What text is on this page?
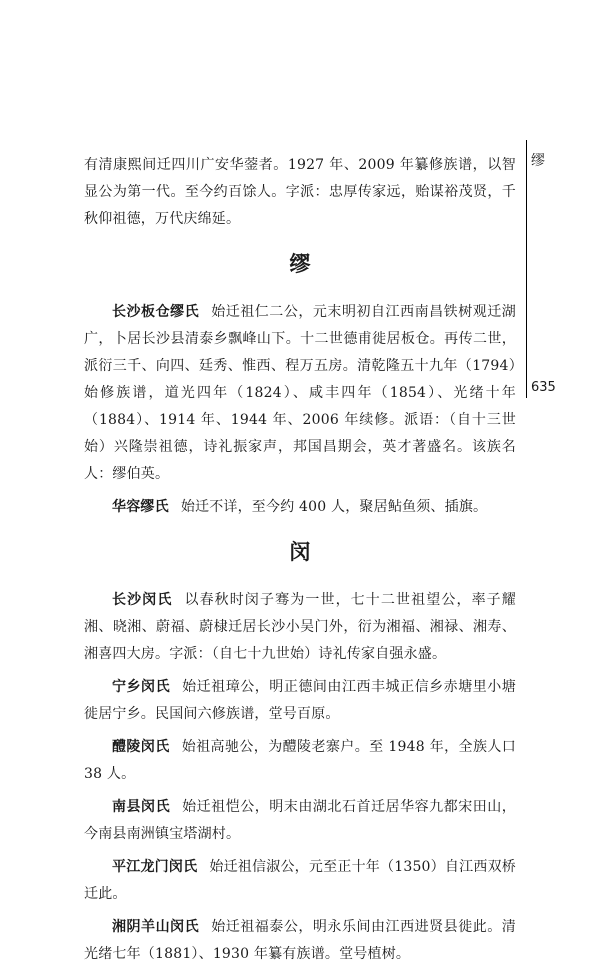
缪
635

有清康熙间迁四川广安华蓥者。1927 年、2009 年纂修族谱，以智显公为第一代。至今约百馀人。字派：忠厚传家远，贻谋裕茂贤，千秋仰祖德，万代庆绵延。

缪

长沙板仓缪氏 始迁祖仁二公，元末明初自江西南昌铁树观迁湖广，卜居长沙县清泰乡飘峰山下。十二世德甫徙居板仓。再传二世，派衍三千、向四、廷秀、惟西、程万五房。清乾隆五十九年（1794）始修族谱，道光四年（1824）、咸丰四年（1854）、光绪十年（1884）、1914 年、1944 年、2006 年续修。派语：（自十三世始）兴隆崇祖德，诗礼振家声，邦国昌期会，英才著盛名。该族名人：缪伯英。

华容缪氏 始迁不详，至今约 400 人，聚居鲇鱼须、插旗。

闵

长沙闵氏 以春秋时闵子骞为一世，七十二世祖望公，率子耀湘、晓湘、蔚福、蔚棣迁居长沙小吴门外，衍为湘福、湘禄、湘寿、湘喜四大房。字派：（自七十九世始）诗礼传家自强永盛。

宁乡闵氏 始迁祖璋公，明正德间由江西丰城正信乡赤塘里小塘徙居宁乡。民国间六修族谱，堂号百原。

醴陵闵氏 始祖高驰公，为醴陵老寨户。至 1948 年，全族人口 38 人。

南县闵氏 始迁祖恺公，明末由湖北石首迁居华容九都宋田山，今南县南洲镇宝塔湖村。

平江龙门闵氏 始迁祖信淑公，元至正十年（1350）自江西双桥迁此。

湘阴羊山闵氏 始迁祖福泰公，明永乐间由江西进贤县徙此。清光绪七年（1881）、1930 年纂有族谱。堂号植树。
